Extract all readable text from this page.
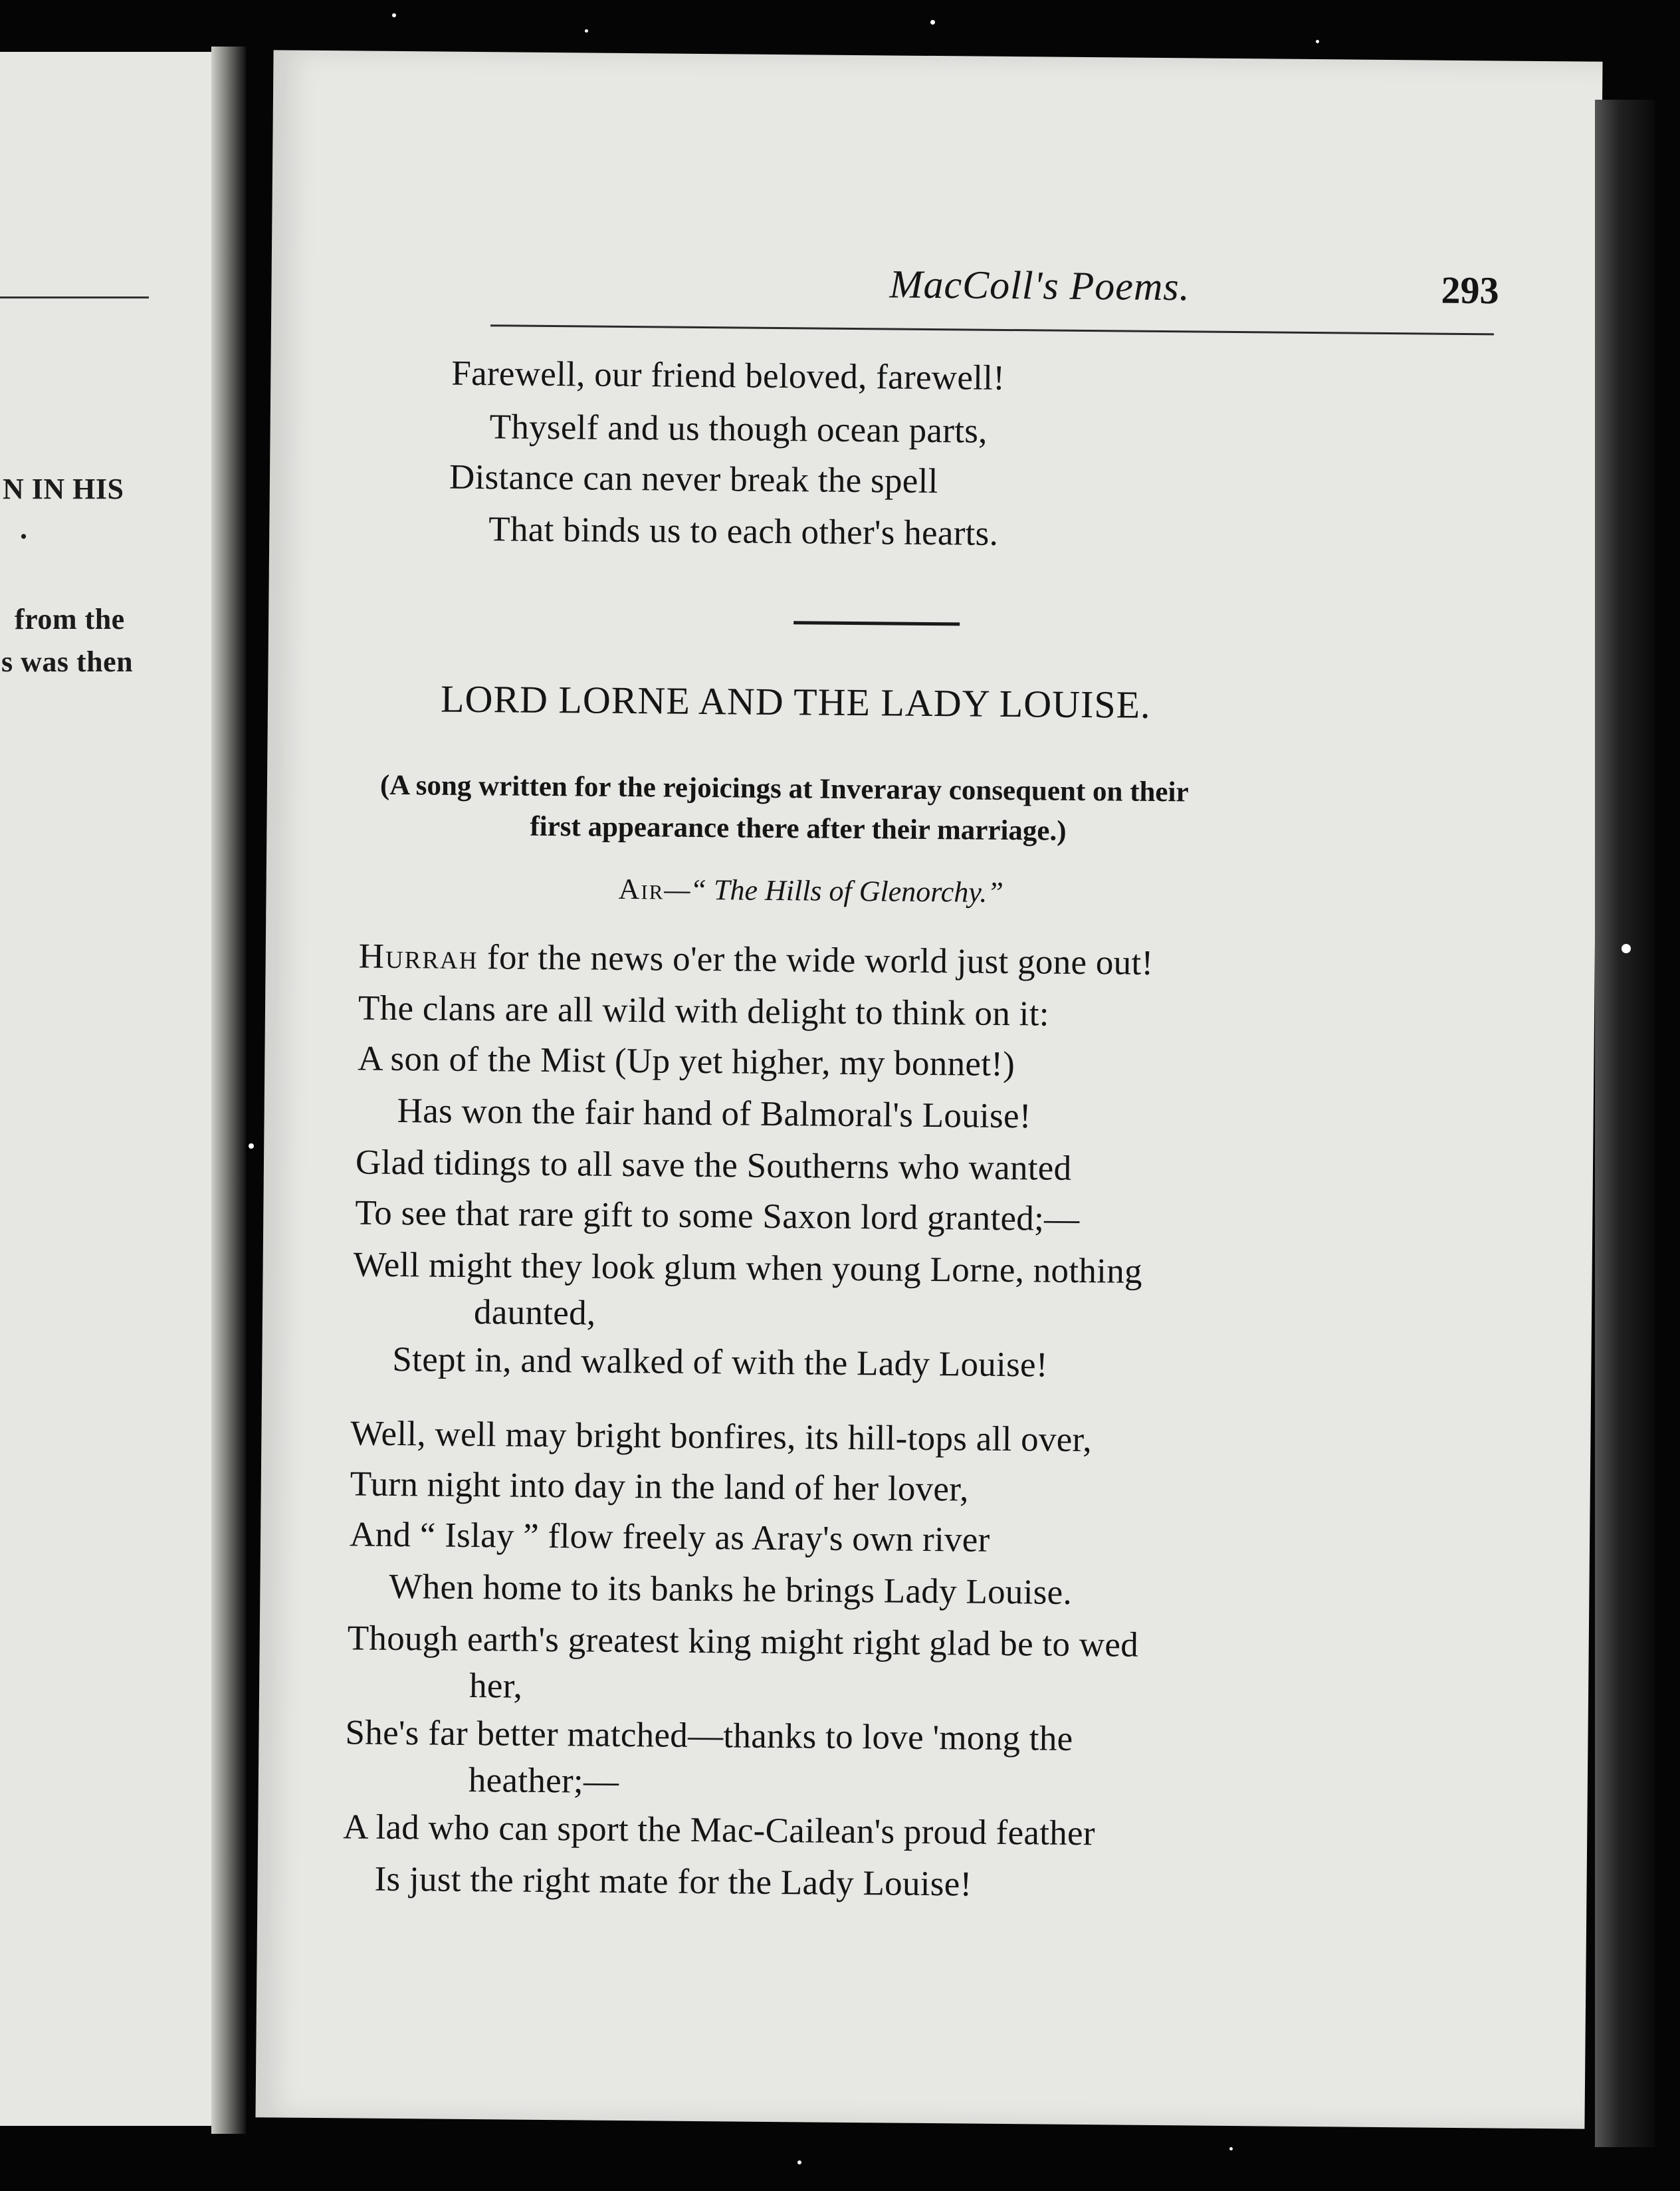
N IN HIS
.
from the
s was then
MacColl's Poems.	293
Farewell, our friend beloved, farewell!
Thyself and us though ocean parts,
Distance can never break the spell
That binds us to each other's hearts.
LORD LORNE AND THE LADY LOUISE.
(A song written for the rejoicings at Inveraray consequent on their
first appearance there after their marriage.)
Air—“ The Hills of Glenorchy.”
Hurrah for the news o'er the wide world just gone out!
The clans are all wild with delight to think on it:
A son of the Mist (Up yet higher, my bonnet!)
Has won the fair hand of Balmoral's Louise!
Glad tidings to all save the Southerns who wanted
To see that rare gift to some Saxon lord granted;—
Well might they look glum when young Lorne, nothing
daunted,
Stept in, and walked of with the Lady Louise!
Well, well may bright bonfires, its hill-tops all over,
Turn night into day in the land of her lover,
And “ Islay ” flow freely as Aray's own river
When home to its banks he brings Lady Louise.
Though earth's greatest king might right glad be to wed
her,
She's far better matched—thanks to love 'mong the
heather;—
A lad who can sport the Mac-Cailean's proud feather
Is just the right mate for the Lady Louise!
